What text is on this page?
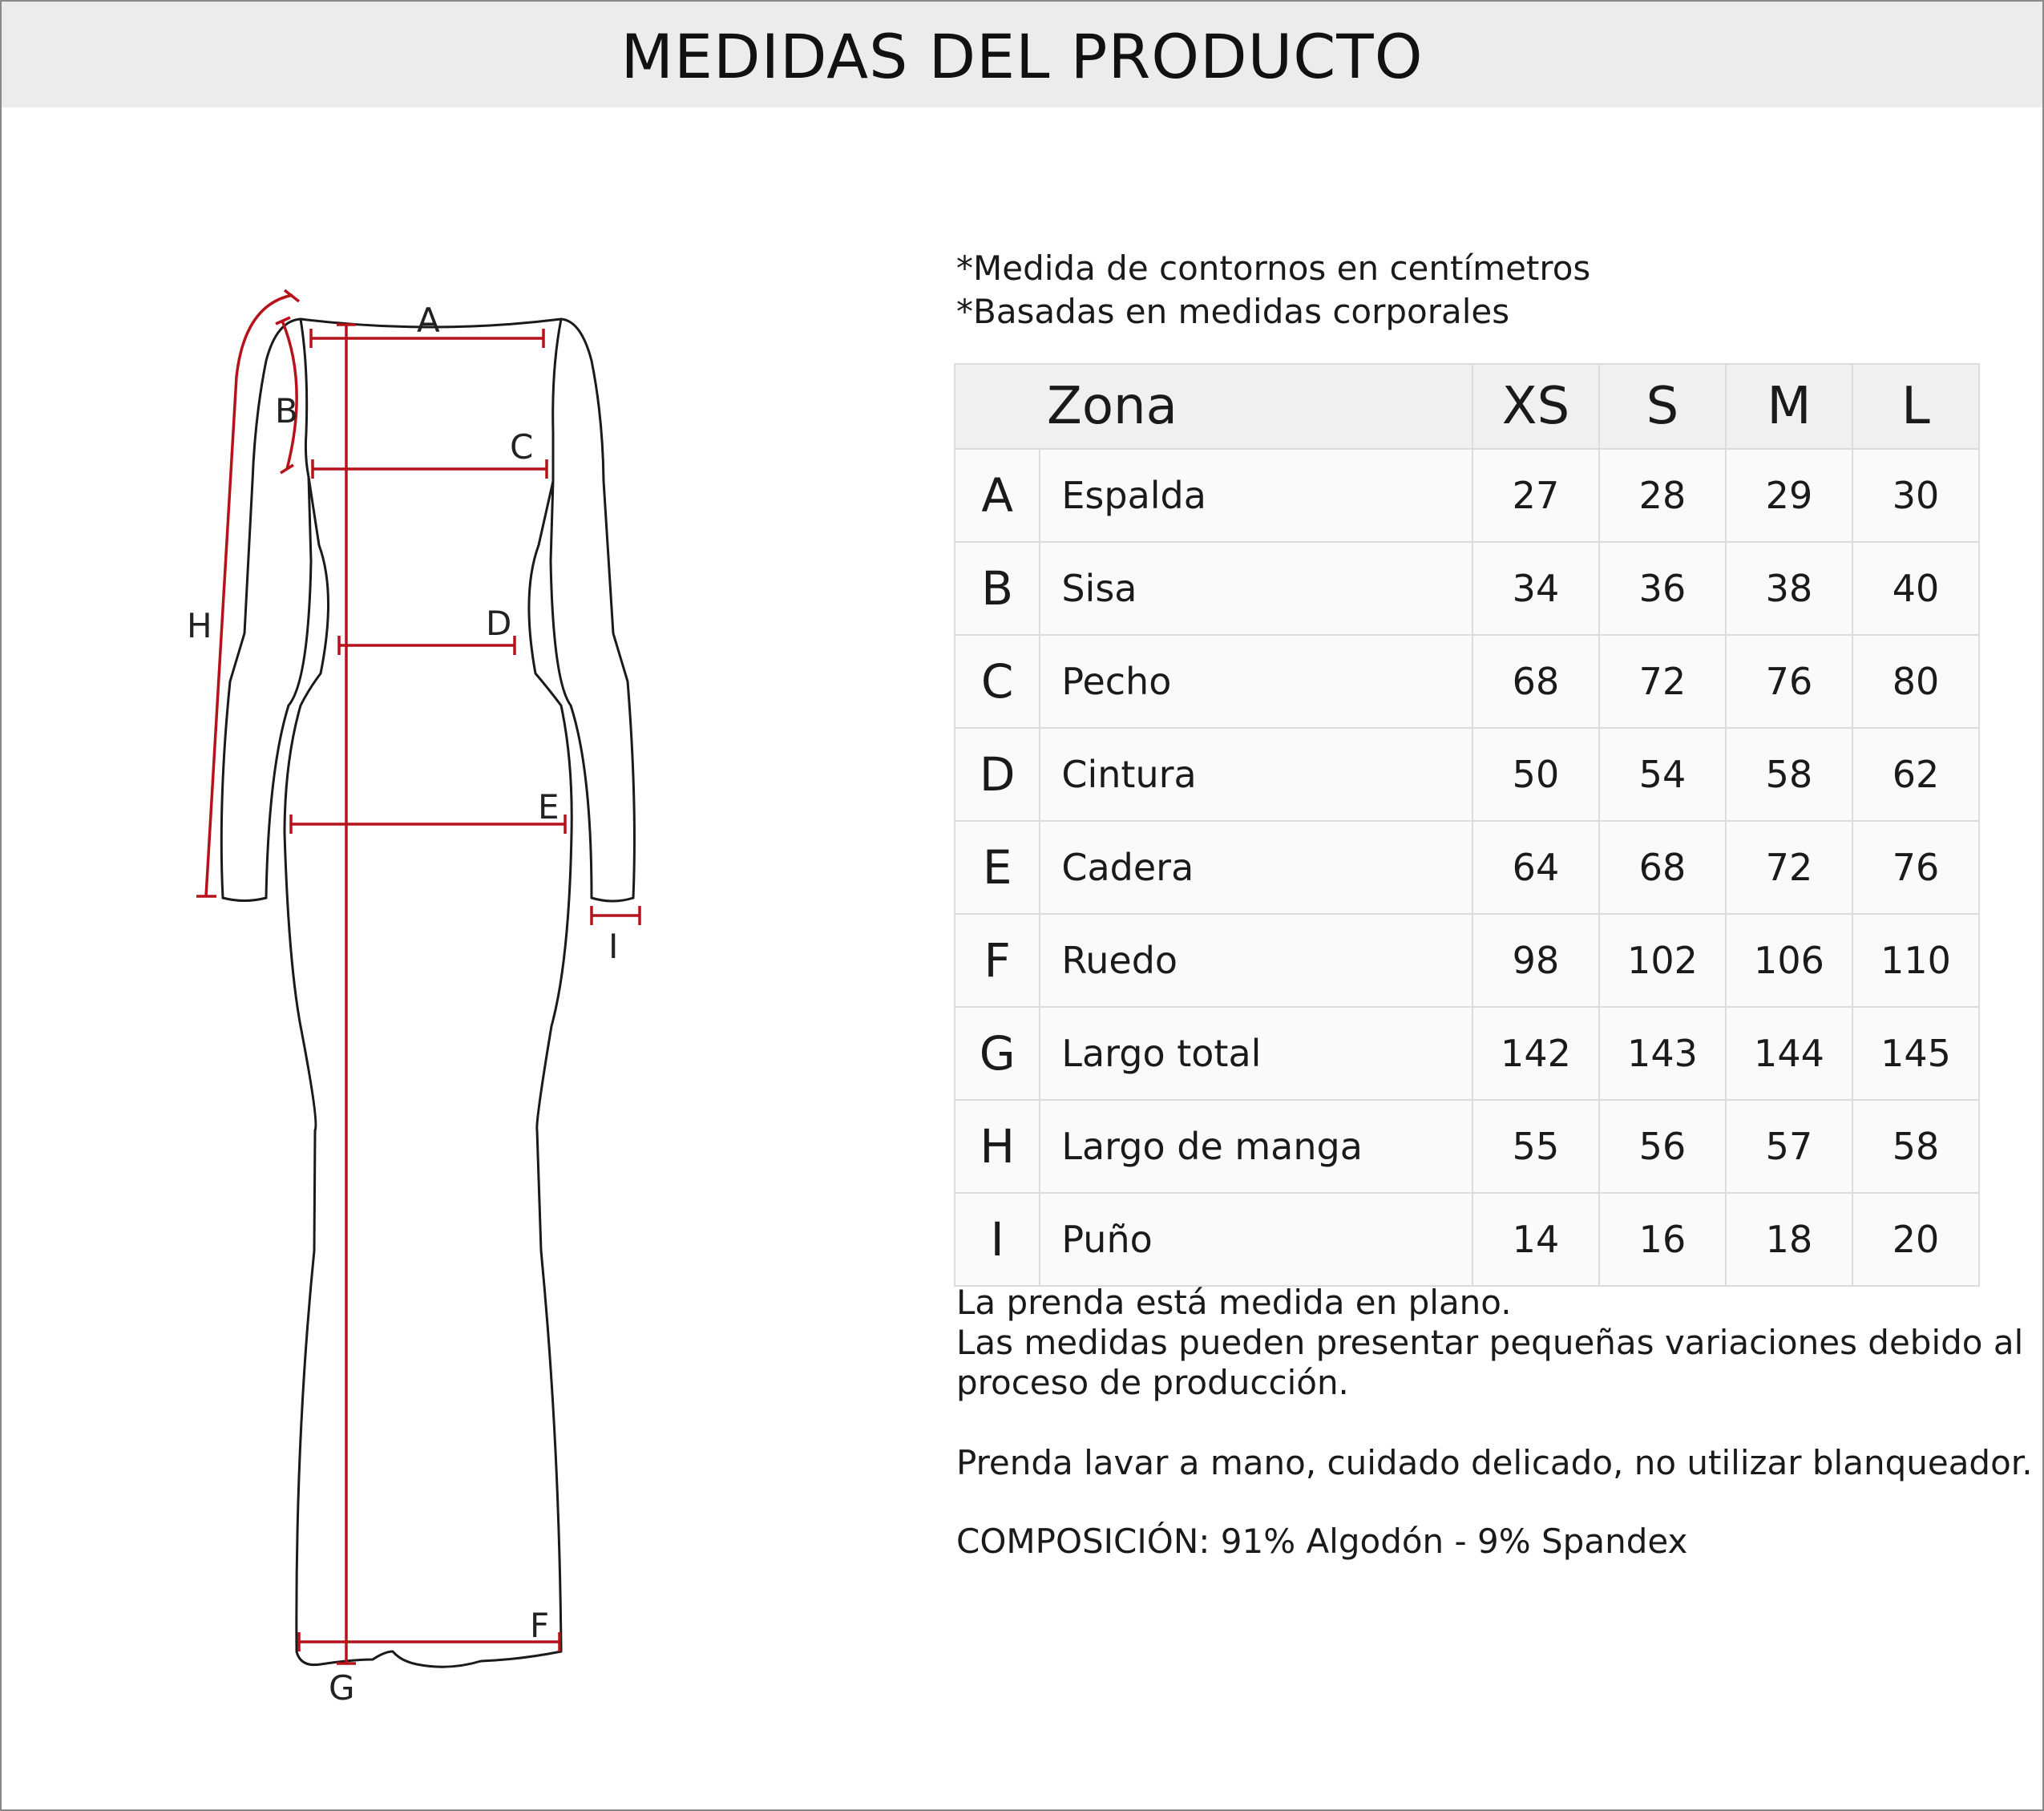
MEDIDAS DEL PRODUCTO
A
B
C
D
E
F
G
H
I
*Medida de contornos en centímetros
*Basadas en medidas corporales
Zona		XS	S	M	L
A	Espalda	27	28	29	30
B	Sisa	34	36	38	40
C	Pecho	68	72	76	80
D	Cintura	50	54	58	62
E	Cadera	64	68	72	76
F	Ruedo	98	102	106	110
G	Largo total	142	143	144	145
H	Largo de manga	55	56	57	58
I	Puño	14	16	18	20

La prenda está medida en plano.

Las medidas pueden presentar pequeñas variaciones debido al

proceso de producción.

Prenda lavar a mano, cuidado delicado, no utilizar blanqueador.

COMPOSICIÓN: 91% Algodón - 9% Spandex
